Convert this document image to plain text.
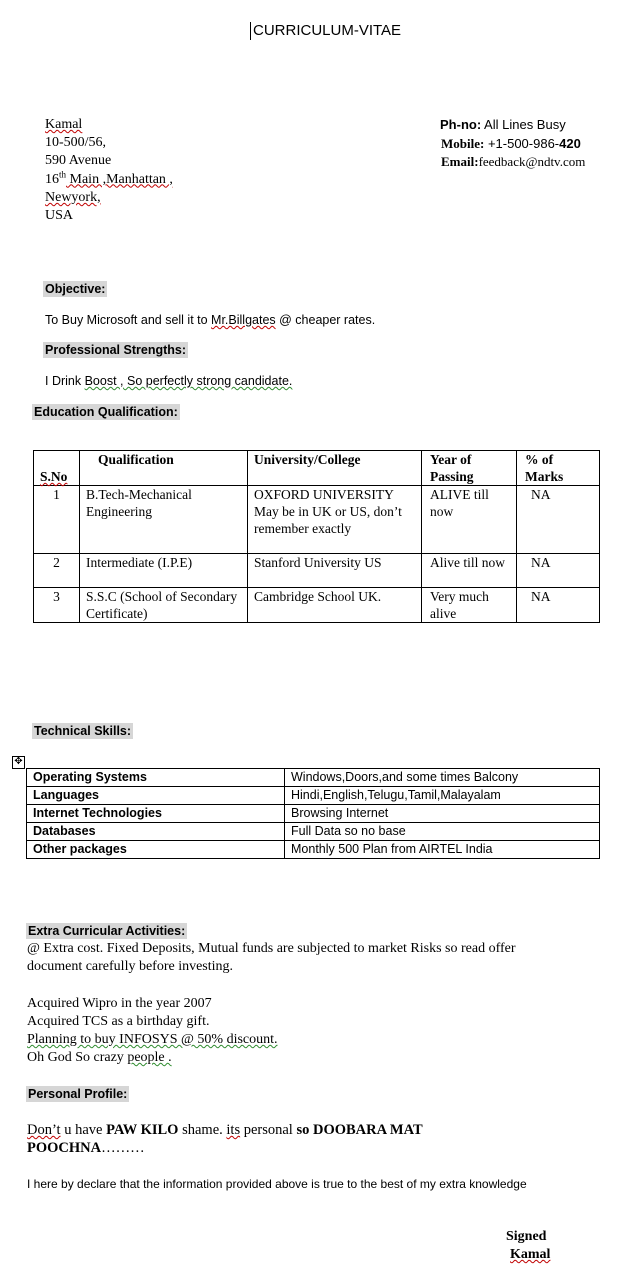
CURRICULUM-VITAE
Kamal
10-500/56,
590 Avenue
16th Main ,Manhattan ,
Newyork,
USA
Ph-no: All Lines Busy
Mobile: +1-500-986-420
Email:feedback@ndtv.com
Objective:
To Buy Microsoft and sell it to Mr.Billgates @ cheaper rates.
Professional Strengths:
I Drink Boost , So perfectly strong candidate.
Education Qualification:
S.No	Qualification	University/College	Year of Passing	% of Marks
1	B.Tech-Mechanical Engineering	OXFORD UNIVERSITY May be in UK or US, don’t remember exactly	ALIVE till now	NA
2	Intermediate (I.P.E)	Stanford University US	Alive till now	NA
3	S.S.C (School of Secondary Certificate)	Cambridge School UK.	Very much alive	NA
Technical Skills:
✥
Operating Systems	Windows,Doors,and some times Balcony
Languages	Hindi,English,Telugu,Tamil,Malayalam
Internet Technologies	Browsing Internet
Databases	Full Data so no base
Other packages	Monthly 500 Plan from AIRTEL India
Extra Curricular Activities:
@ Extra cost. Fixed Deposits, Mutual funds are subjected to market Risks so read offer
document carefully before investing.
Acquired Wipro in the year 2007
Acquired TCS as a birthday gift.
Planning to buy INFOSYS @ 50% discount.
Oh God So crazy people .
Personal Profile:
Don’t u have PAW KILO shame. its personal so DOOBARA MAT
POOCHNA………
I here by declare that the information provided above is true to the best of my extra knowledge
Signed
Kamal
